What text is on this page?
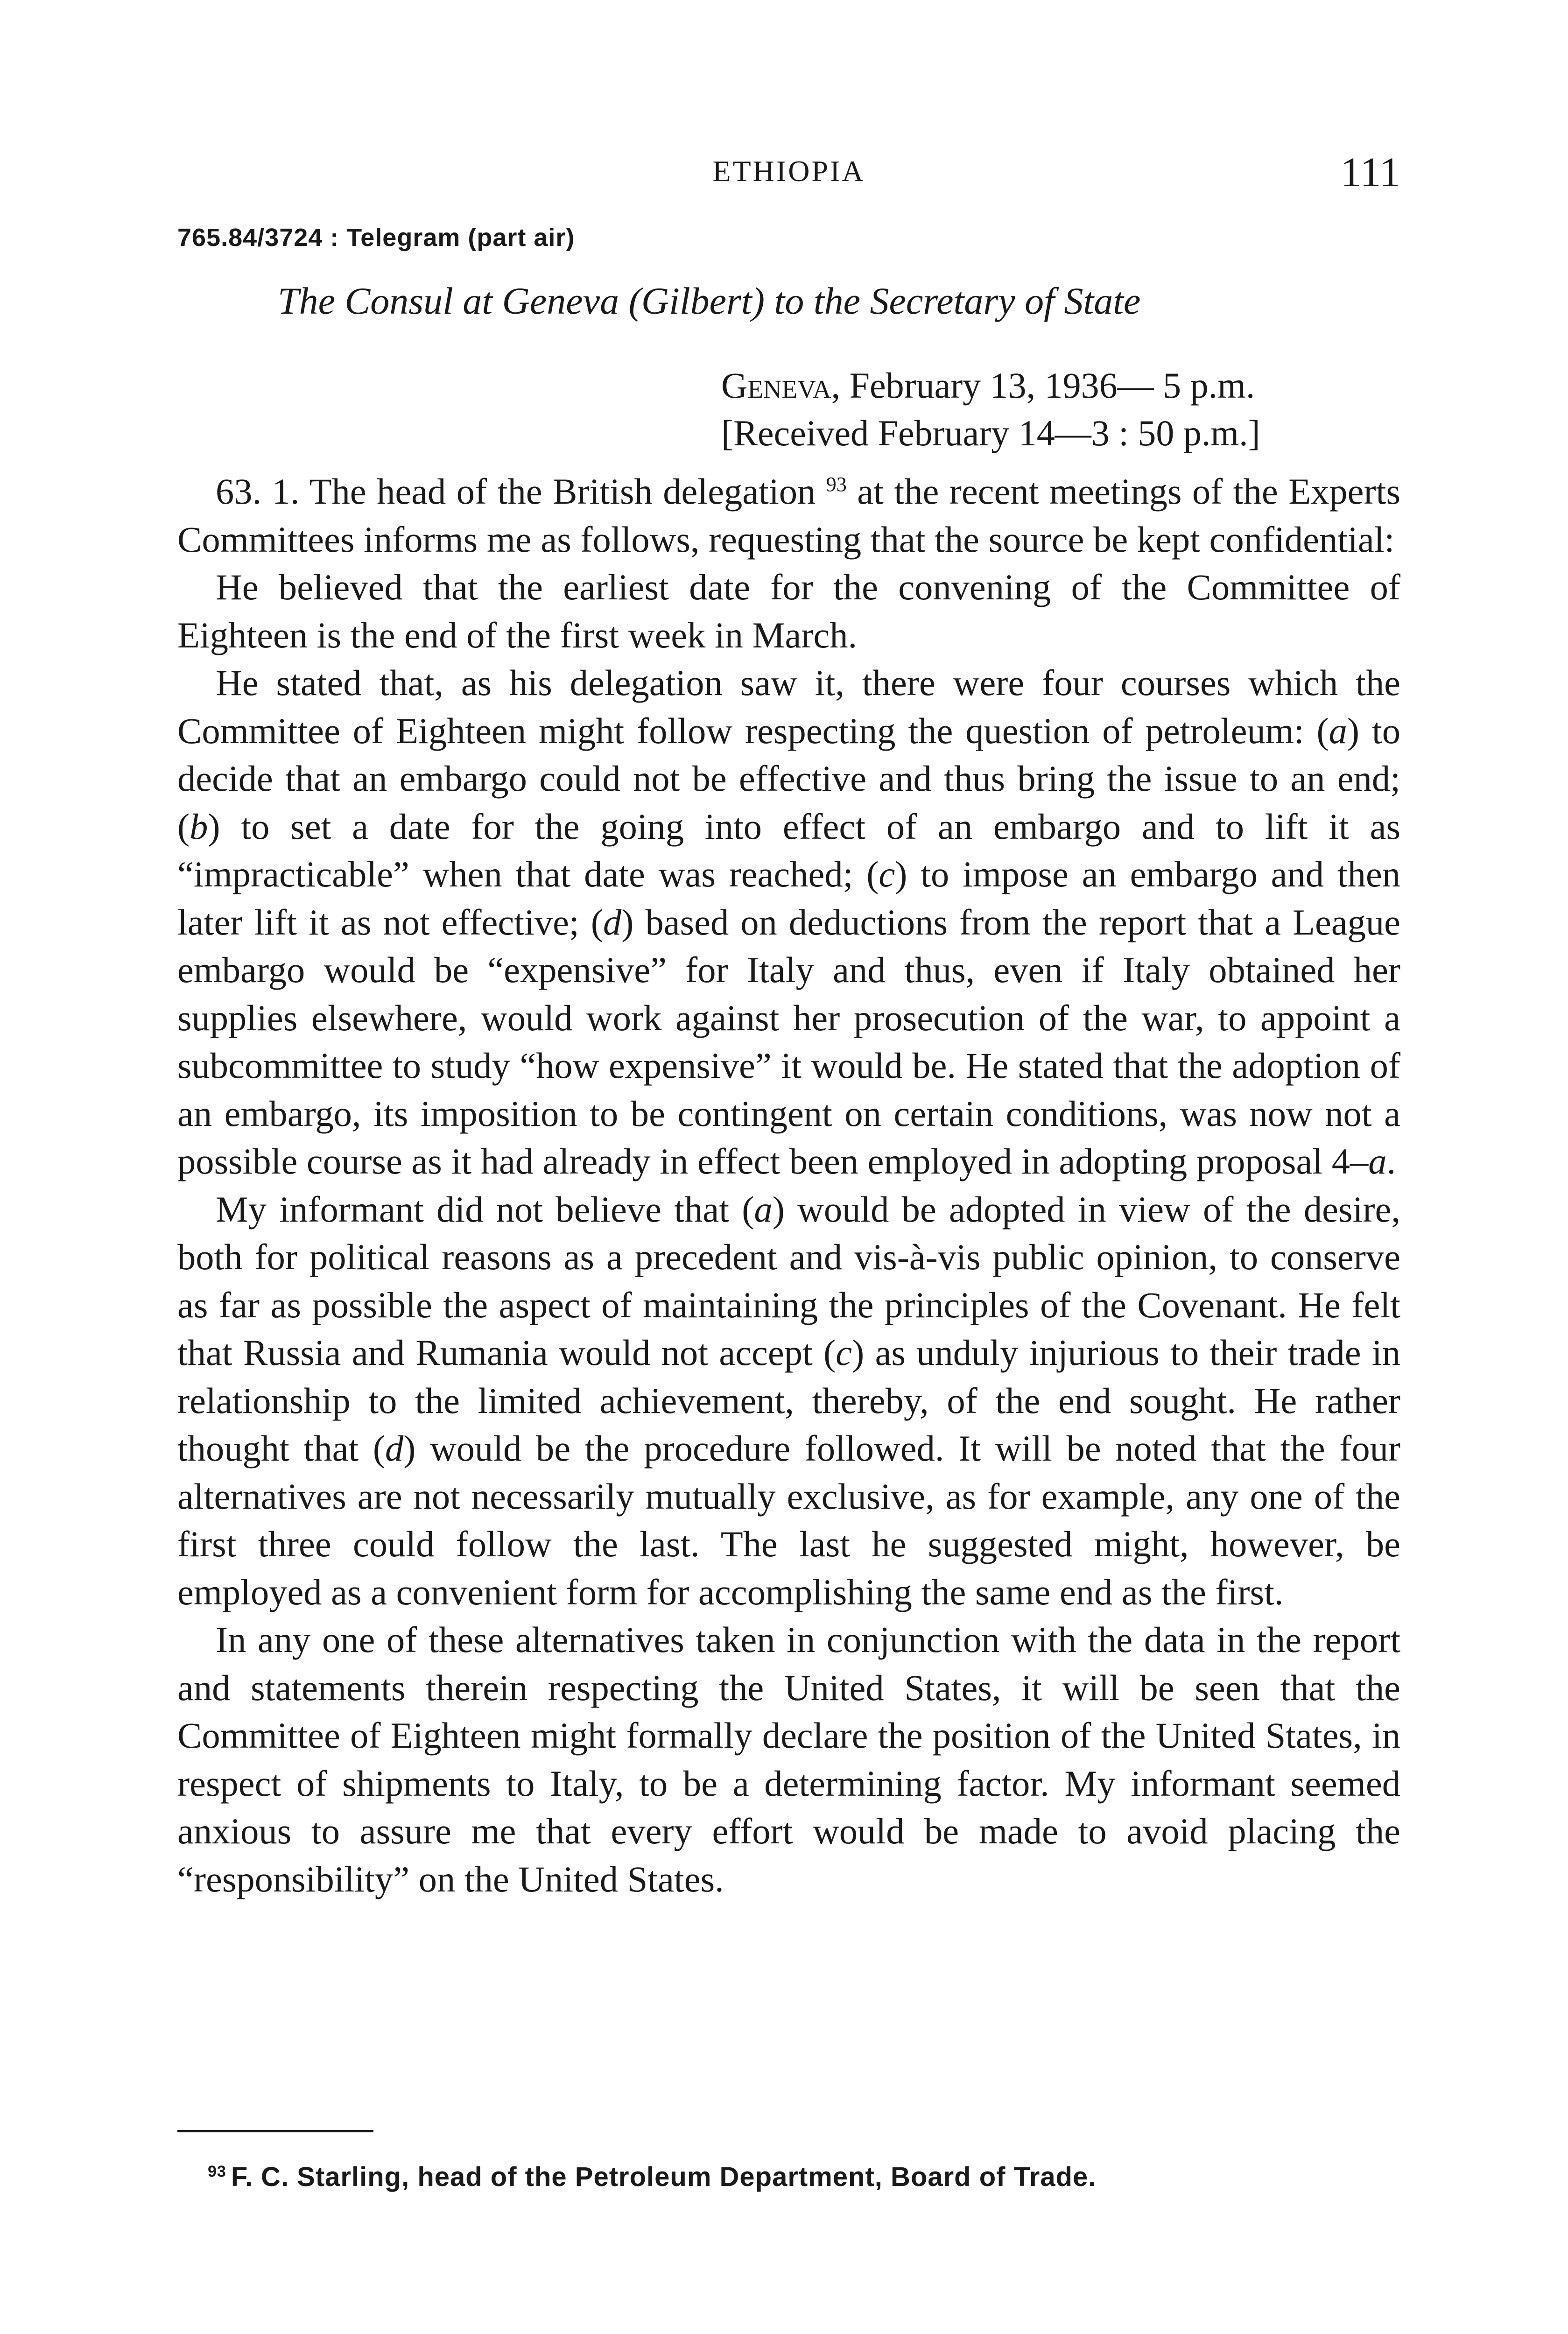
ETHIOPIA	111
765.84/3724 : Telegram (part air)
The Consul at Geneva (Gilbert) to the Secretary of State
Geneva, February 13, 1936— 5 p.m.
[Received February 14—3 : 50 p.m.]

63. 1. The head of the British delegation $^{93}$ at the recent meetings of the Experts Committees informs me as follows, requesting that the source be kept confidential:

He believed that the earliest date for the convening of the Committee of Eighteen is the end of the first week in March.

He stated that, as his delegation saw it, there were four courses which the Committee of Eighteen might follow respecting the question of petroleum: (a) to decide that an embargo could not be effective and thus bring the issue to an end; (b) to set a date for the going into effect of an embargo and to lift it as “impracticable” when that date was reached; (c) to impose an embargo and then later lift it as not effective; (d) based on deductions from the report that a League embargo would be “expensive” for Italy and thus, even if Italy obtained her supplies elsewhere, would work against her prosecution of the war, to appoint a subcommittee to study “how expensive” it would be. He stated that the adoption of an embargo, its imposition to be contingent on certain conditions, was now not a possible course as it had already in effect been employed in adopting proposal 4–a.

My informant did not believe that (a) would be adopted in view of the desire, both for political reasons as a precedent and vis-à-vis public opinion, to conserve as far as possible the aspect of maintaining the principles of the Covenant. He felt that Russia and Rumania would not accept (c) as unduly injurious to their trade in relationship to the limited achievement, thereby, of the end sought. He rather thought that (d) would be the procedure followed. It will be noted that the four alternatives are not necessarily mutually exclusive, as for example, any one of the first three could follow the last. The last he suggested might, however, be employed as a convenient form for accomplishing the same end as the first.

In any one of these alternatives taken in conjunction with the data in the report and statements therein respecting the United States, it will be seen that the Committee of Eighteen might formally declare the position of the United States, in respect of shipments to Italy, to be a determining factor. My informant seemed anxious to assure me that every effort would be made to avoid placing the “responsibility” on the United States.

$^{93}$ F. C. Starling, head of the Petroleum Department, Board of Trade.
